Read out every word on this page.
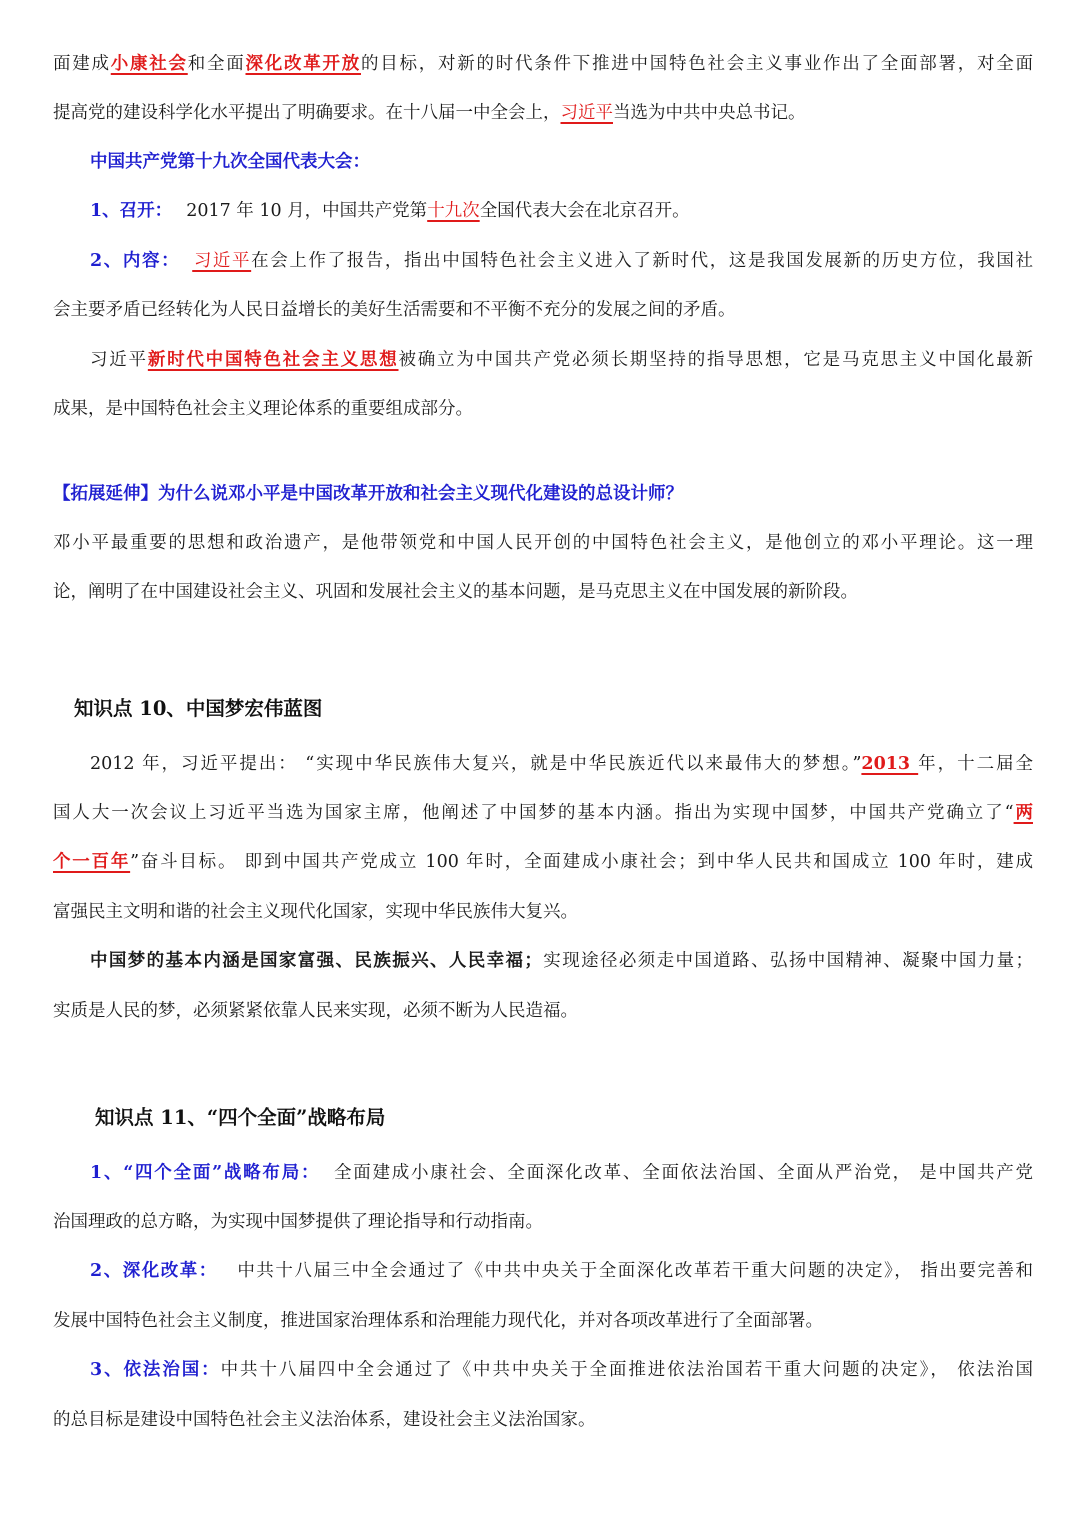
面建成小康社会和全面深化改革开放的目标，对新的时代条件下推进中国特色社会主义事业作出了全面部署，对全面
提高党的建设科学化水平提出了明确要求。在十八届一中全会上，习近平当选为中共中央总书记。
中国共产党第十九次全国代表大会：
1、召开： 2017 年 10 月，中国共产党第十九次全国代表大会在北京召开。
2、内容： 习近平在会上作了报告，指出中国特色社会主义进入了新时代，这是我国发展新的历史方位，我国社
会主要矛盾已经转化为人民日益增长的美好生活需要和不平衡不充分的发展之间的矛盾。
习近平新时代中国特色社会主义思想被确立为中国共产党必须长期坚持的指导思想，它是马克思主义中国化最新
成果，是中国特色社会主义理论体系的重要组成部分。
【拓展延伸】为什么说邓小平是中国改革开放和社会主义现代化建设的总设计师？
邓小平最重要的思想和政治遗产，是他带领党和中国人民开创的中国特色社会主义，是他创立的邓小平理论。这一理
论，阐明了在中国建设社会主义、巩固和发展社会主义的基本问题，是马克思主义在中国发展的新阶段。
知识点 10、中国梦宏伟蓝图
2012 年，习近平提出： “实现中华民族伟大复兴，就是中华民族近代以来最伟大的梦想。”2013 年，十二届全
国人大一次会议上习近平当选为国家主席，他阐述了中国梦的基本内涵。指出为实现中国梦，中国共产党确立了“两
个一百年”奋斗目标。 即到中国共产党成立 100 年时，全面建成小康社会；到中华人民共和国成立 100 年时，建成
富强民主文明和谐的社会主义现代化国家，实现中华民族伟大复兴。
中国梦的基本内涵是国家富强、民族振兴、人民幸福；实现途径必须走中国道路、弘扬中国精神、凝聚中国力量；
实质是人民的梦，必须紧紧依靠人民来实现，必须不断为人民造福。
知识点 11、“四个全面”战略布局
1、“四个全面”战略布局： 全面建成小康社会、全面深化改革、全面依法治国、全面从严治党， 是中国共产党
治国理政的总方略，为实现中国梦提供了理论指导和行动指南。
2、深化改革： 中共十八届三中全会通过了《中共中央关于全面深化改革若干重大问题的决定》， 指出要完善和
发展中国特色社会主义制度，推进国家治理体系和治理能力现代化，并对各项改革进行了全面部署。
3、依法治国：中共十八届四中全会通过了《中共中央关于全面推进依法治国若干重大问题的决定》， 依法治国
的总目标是建设中国特色社会主义法治体系，建设社会主义法治国家。
